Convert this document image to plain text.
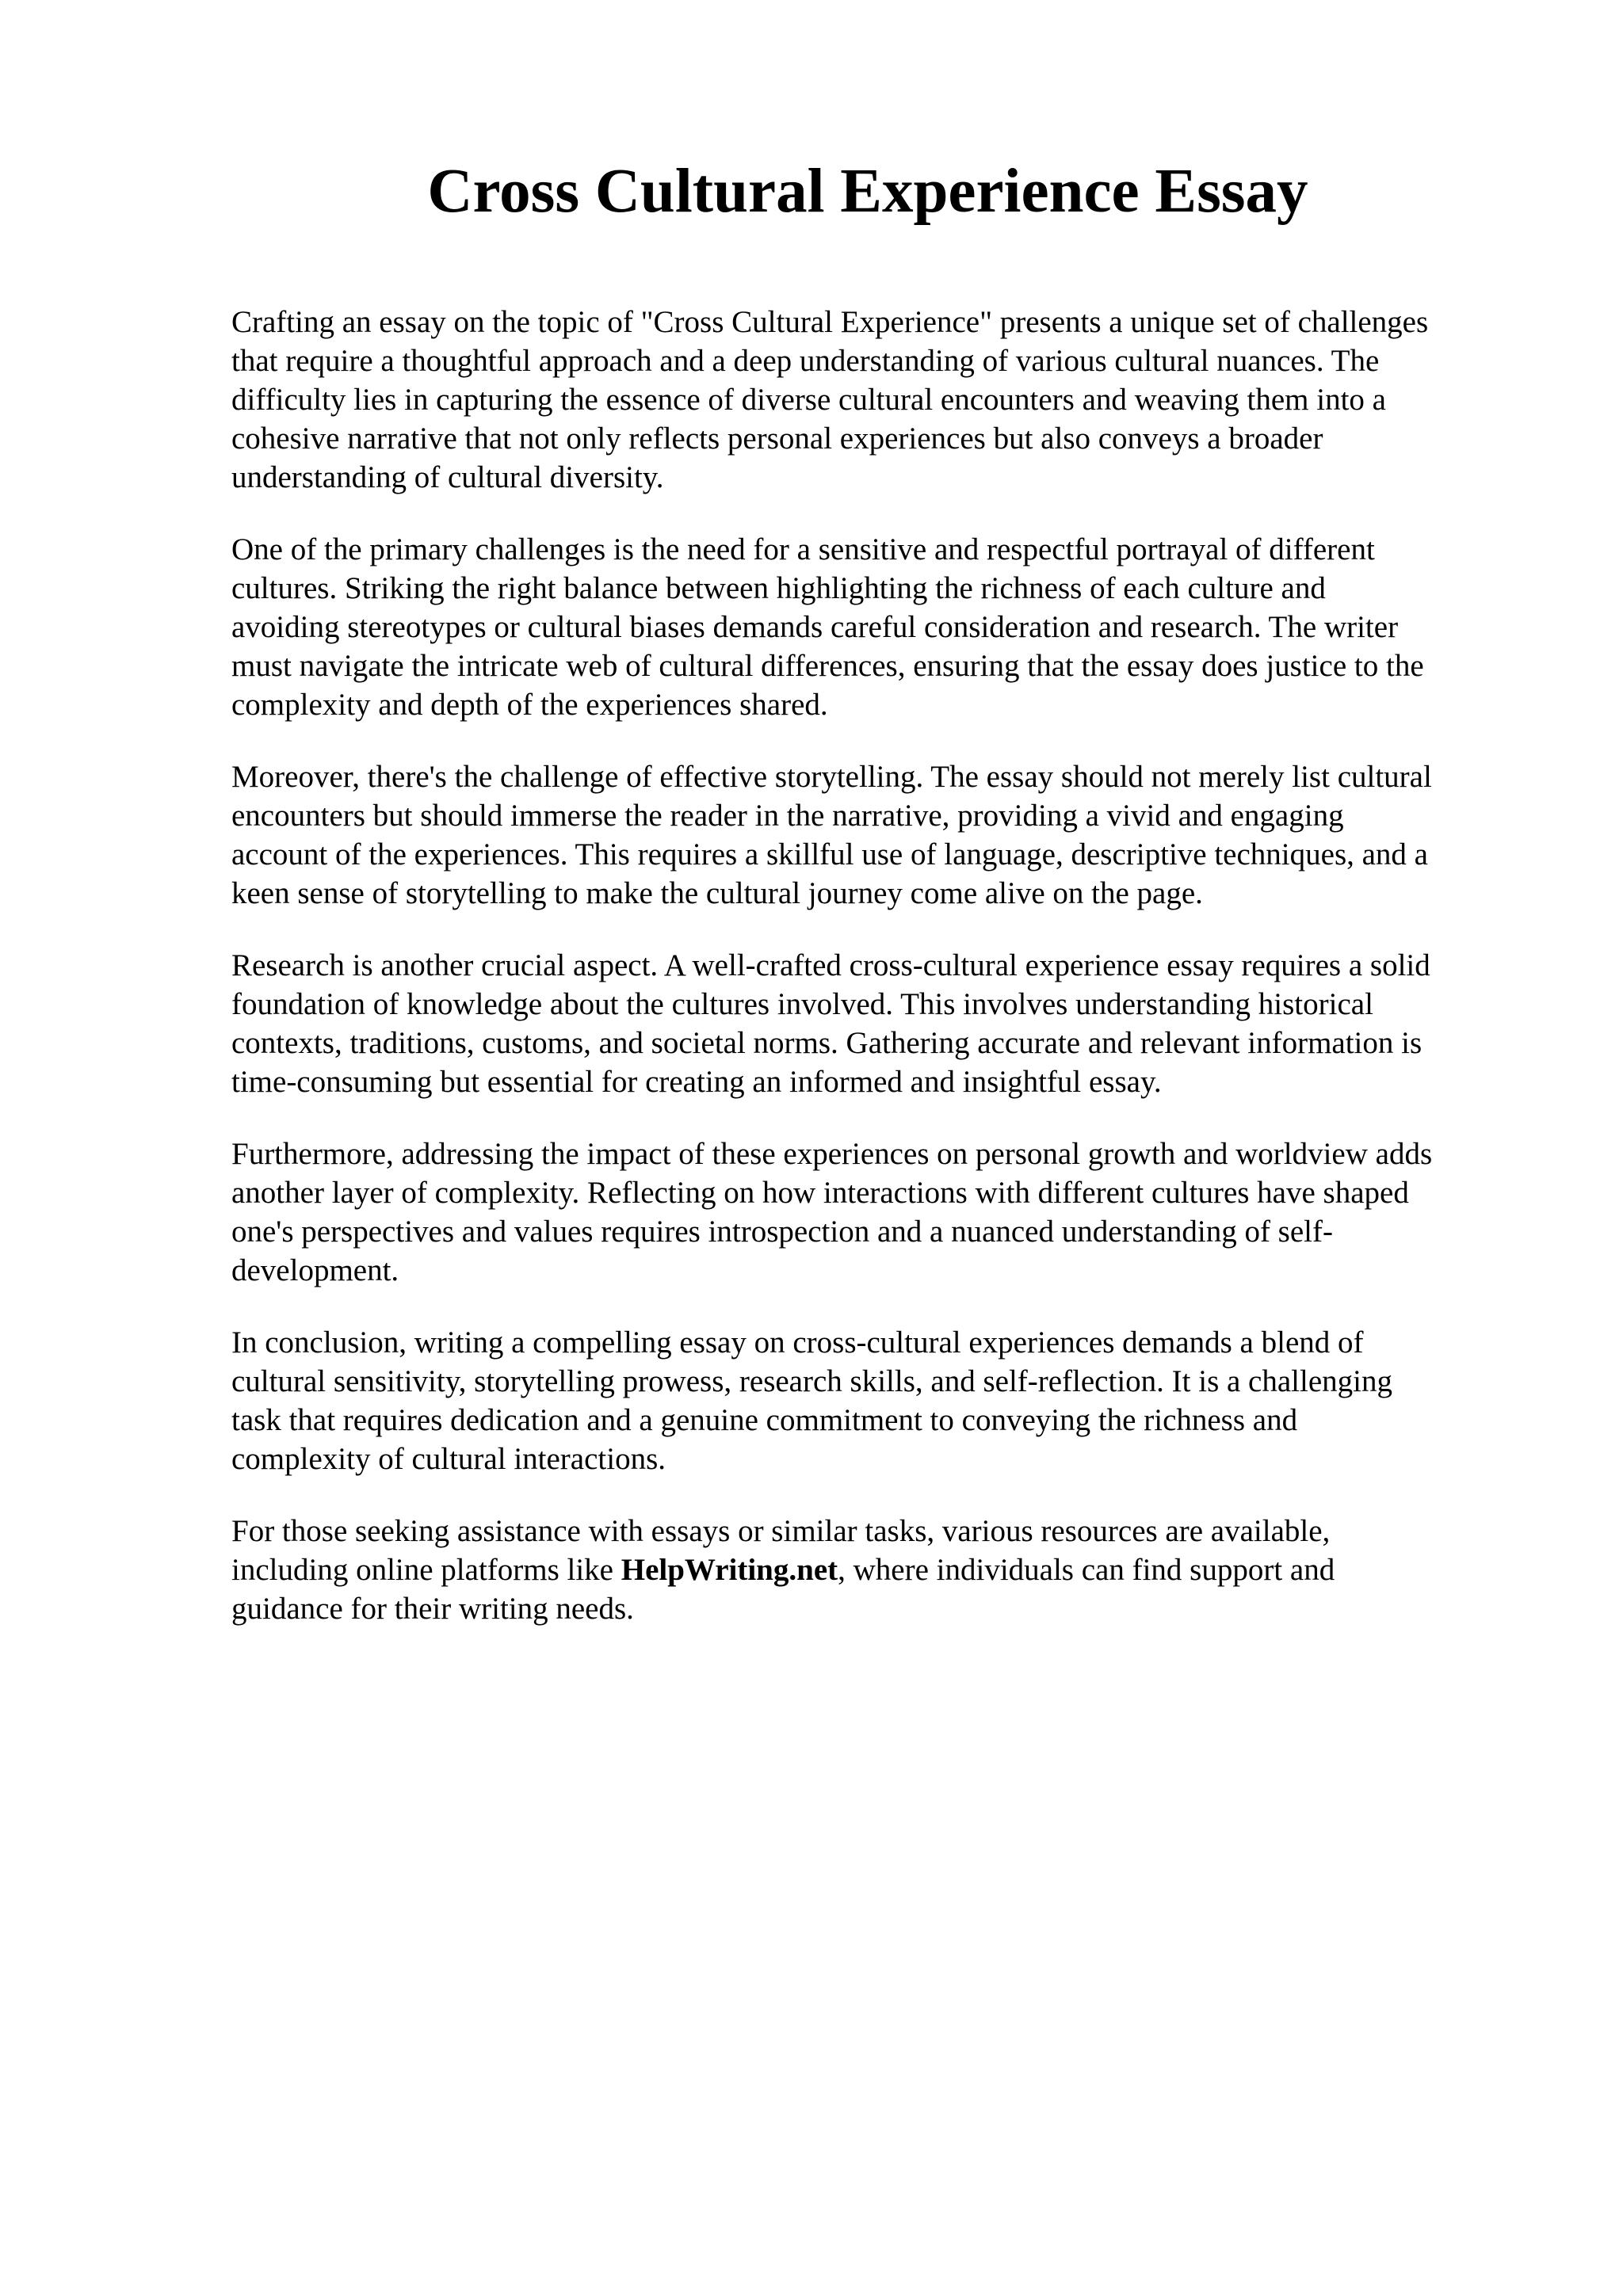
Cross Cultural Experience Essay

Crafting an essay on the topic of "Cross Cultural Experience" presents a unique set of challenges
that require a thoughtful approach and a deep understanding of various cultural nuances. The
difficulty lies in capturing the essence of diverse cultural encounters and weaving them into a
cohesive narrative that not only reflects personal experiences but also conveys a broader
understanding of cultural diversity.

One of the primary challenges is the need for a sensitive and respectful portrayal of different
cultures. Striking the right balance between highlighting the richness of each culture and
avoiding stereotypes or cultural biases demands careful consideration and research. The writer
must navigate the intricate web of cultural differences, ensuring that the essay does justice to the
complexity and depth of the experiences shared.

Moreover, there's the challenge of effective storytelling. The essay should not merely list cultural
encounters but should immerse the reader in the narrative, providing a vivid and engaging
account of the experiences. This requires a skillful use of language, descriptive techniques, and a
keen sense of storytelling to make the cultural journey come alive on the page.

Research is another crucial aspect. A well-crafted cross-cultural experience essay requires a solid
foundation of knowledge about the cultures involved. This involves understanding historical
contexts, traditions, customs, and societal norms. Gathering accurate and relevant information is
time-consuming but essential for creating an informed and insightful essay.

Furthermore, addressing the impact of these experiences on personal growth and worldview adds
another layer of complexity. Reflecting on how interactions with different cultures have shaped
one's perspectives and values requires introspection and a nuanced understanding of self-
development.

In conclusion, writing a compelling essay on cross-cultural experiences demands a blend of
cultural sensitivity, storytelling prowess, research skills, and self-reflection. It is a challenging
task that requires dedication and a genuine commitment to conveying the richness and
complexity of cultural interactions.

For those seeking assistance with essays or similar tasks, various resources are available,
including online platforms like HelpWriting.net, where individuals can find support and
guidance for their writing needs.
